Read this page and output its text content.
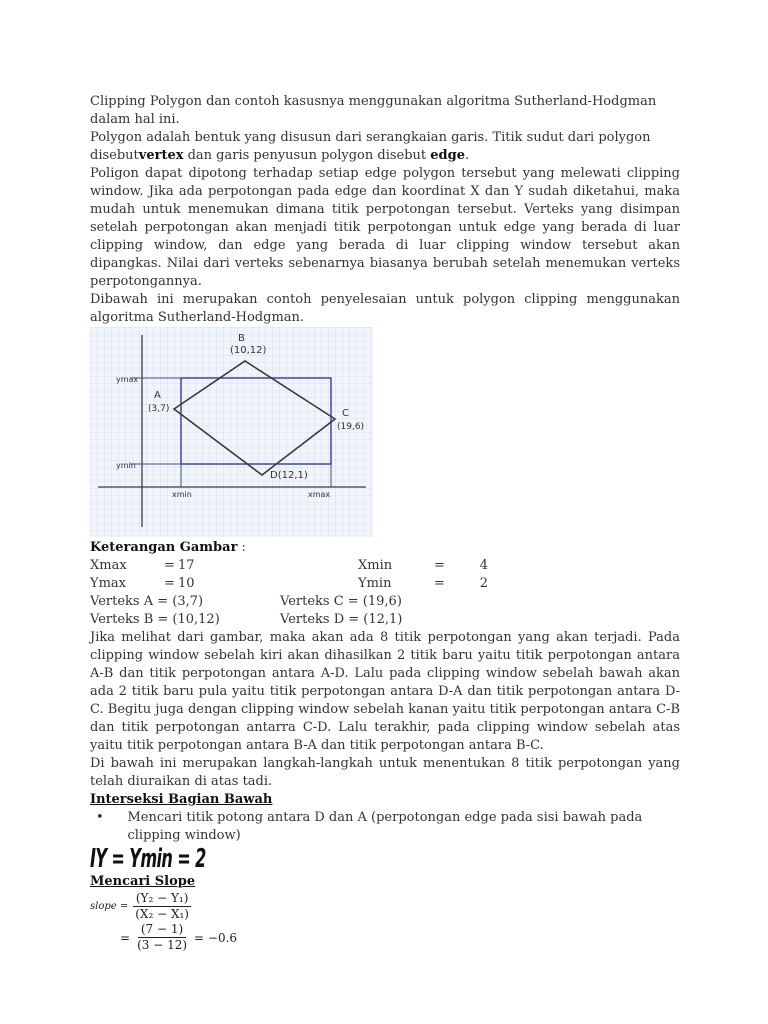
Clipping Polygon dan contoh kasusnya menggunakan algoritma Sutherland-Hodgman dalam hal ini.

Polygon adalah bentuk yang disusun dari serangkaian garis. Titik sudut dari polygon disebutvertex dan garis penyusun polygon disebut edge.

Poligon dapat dipotong terhadap setiap edge polygon tersebut yang melewati clipping window. Jika ada perpotongan pada edge dan koordinat X dan Y sudah diketahui, maka mudah untuk menemukan dimana titik perpotongan tersebut. Verteks yang disimpan setelah perpotongan akan menjadi titik perpotongan untuk edge yang berada di luar clipping window, dan edge yang berada di luar clipping window tersebut akan dipangkas. Nilai dari verteks sebenarnya biasanya berubah setelah menemukan verteks perpotongannya.

Dibawah ini merupakan contoh penyelesaian untuk polygon clipping menggunakan algoritma Sutherland-Hodgman.

B
(10,12)
A
(3,7)	C
(19,6)
D(12,1)
ymax
ymin
xmin	xmax

Keterangan Gambar :

Xmax	= 17	Xmin	=	4
Ymax	= 10	Ymin	=	2
Verteks A = (3,7)	Verteks C = (19,6)
Verteks B = (10,12)	Verteks D = (12,1)

Jika melihat dari gambar, maka akan ada 8 titik perpotongan yang akan terjadi. Pada clipping window sebelah kiri akan dihasilkan 2 titik baru yaitu titik perpotongan antara A-B dan titik perpotongan antara A-D. Lalu pada clipping window sebelah bawah akan ada 2 titik baru pula yaitu titik perpotongan antara D-A dan titik perpotongan antara D-C. Begitu juga dengan clipping window sebelah kanan yaitu titik perpotongan antara C-B dan titik perpotongan antarra C-D. Lalu terakhir, pada clipping window sebelah atas yaitu titik perpotongan antara B-A dan titik perpotongan antara B-C.

Di bawah ini merupakan langkah-langkah untuk menentukan 8 titik perpotongan yang telah diuraikan di atas tadi.

Interseksi Bagian Bawah
•	Mencari titik potong antara D dan A (perpotongan edge pada sisi bawah pada clipping window)
IY = Ymin = 2
Mencari Slope
slope = $\frac{\text{(Y₂ − Y₁)}}{\text{(X₂ − X₁)}}$
= $\frac{(7 - 1)}{(3 - 12)} = -0.6$
